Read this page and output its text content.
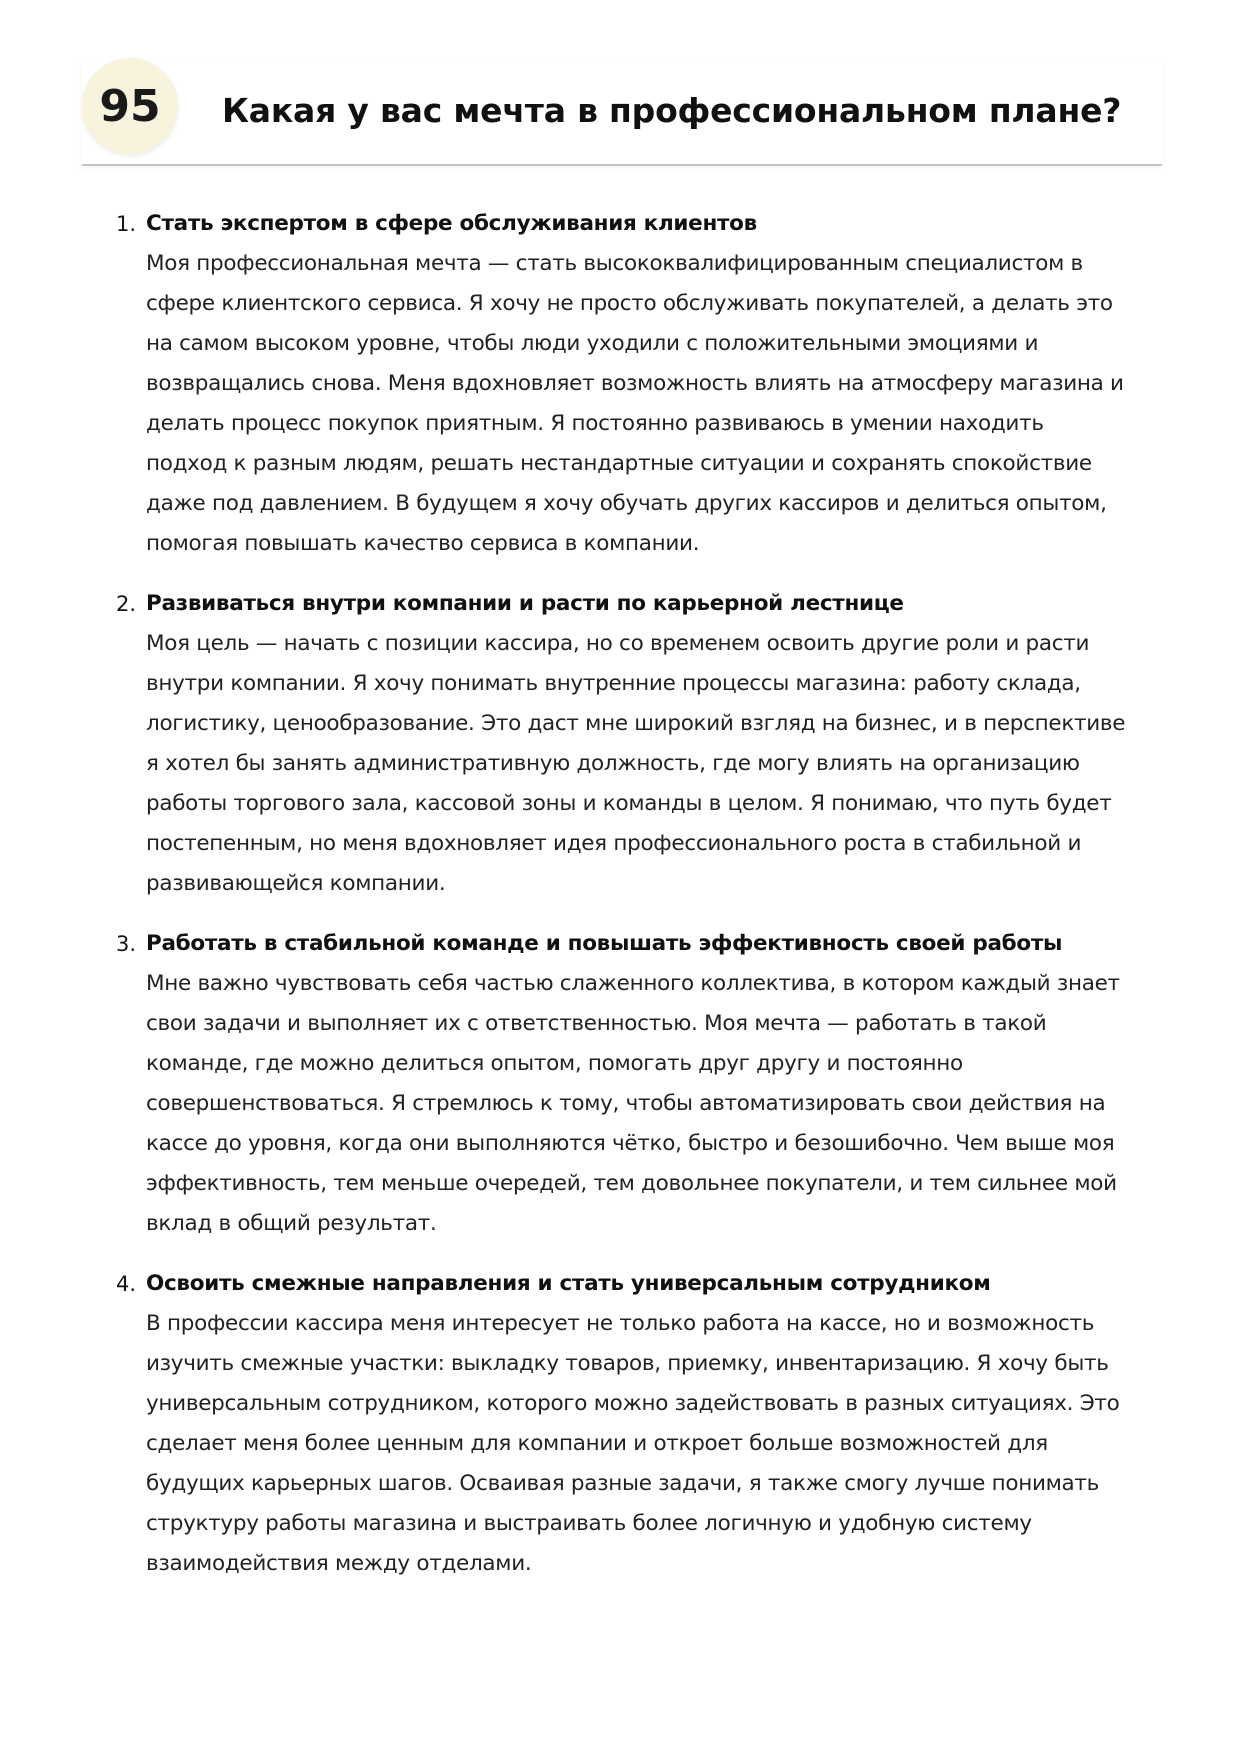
95	Какая у вас мечта в профессиональном плане?
1. Стать экспертом в сфере обслуживания клиентов

Моя профессиональная мечта — стать высококвалифицированным специалистом в
сфере клиентского сервиса. Я хочу не просто обслуживать покупателей, а делать это
на самом высоком уровне, чтобы люди уходили с положительными эмоциями и
возвращались снова. Меня вдохновляет возможность влиять на атмосферу магазина и
делать процесс покупок приятным. Я постоянно развиваюсь в умении находить
подход к разным людям, решать нестандартные ситуации и сохранять спокойствие
даже под давлением. В будущем я хочу обучать других кассиров и делиться опытом,
помогая повышать качество сервиса в компании.

2. Развиваться внутри компании и расти по карьерной лестнице

Моя цель — начать с позиции кассира, но со временем освоить другие роли и расти
внутри компании. Я хочу понимать внутренние процессы магазина: работу склада,
логистику, ценообразование. Это даст мне широкий взгляд на бизнес, и в перспективе
я хотел бы занять административную должность, где могу влиять на организацию
работы торгового зала, кассовой зоны и команды в целом. Я понимаю, что путь будет
постепенным, но меня вдохновляет идея профессионального роста в стабильной и
развивающейся компании.

3. Работать в стабильной команде и повышать эффективность своей работы

Мне важно чувствовать себя частью слаженного коллектива, в котором каждый знает
свои задачи и выполняет их с ответственностью. Моя мечта — работать в такой
команде, где можно делиться опытом, помогать друг другу и постоянно
совершенствоваться. Я стремлюсь к тому, чтобы автоматизировать свои действия на
кассе до уровня, когда они выполняются чётко, быстро и безошибочно. Чем выше моя
эффективность, тем меньше очередей, тем довольнее покупатели, и тем сильнее мой
вклад в общий результат.

4. Освоить смежные направления и стать универсальным сотрудником

В профессии кассира меня интересует не только работа на кассе, но и возможность
изучить смежные участки: выкладку товаров, приемку, инвентаризацию. Я хочу быть
универсальным сотрудником, которого можно задействовать в разных ситуациях. Это
сделает меня более ценным для компании и откроет больше возможностей для
будущих карьерных шагов. Осваивая разные задачи, я также смогу лучше понимать
структуру работы магазина и выстраивать более логичную и удобную систему
взаимодействия между отделами.
